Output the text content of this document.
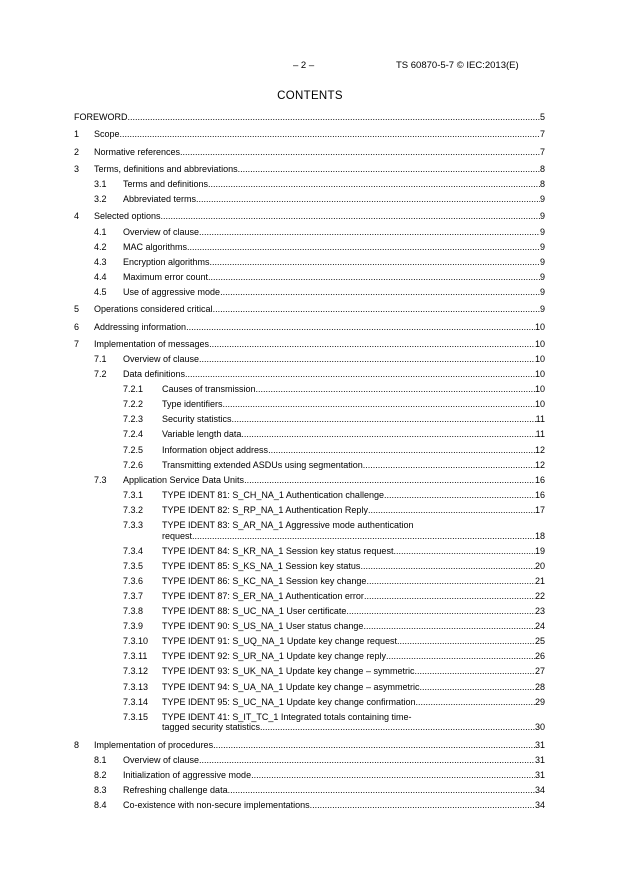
– 2 –	TS 60870-5-7 © IEC:2013(E)
CONTENTS
FOREWORD .....	5
1 Scope .....	7
2 Normative references .....	7
3 Terms, definitions and abbreviations .....	8
3.1 Terms and definitions .....	8
3.2 Abbreviated terms .....	9
4 Selected options .....	9
4.1 Overview of clause .....	9
4.2 MAC algorithms .....	9
4.3 Encryption algorithms .....	9
4.4 Maximum error count .....	9
4.5 Use of aggressive mode .....	9
5 Operations considered critical .....	9
6 Addressing information .....	10
7 Implementation of messages .....	10
7.1 Overview of clause .....	10
7.2 Data definitions .....	10
7.2.1 Causes of transmission .....	10
7.2.2 Type identifiers .....	10
7.2.3 Security statistics .....	11
7.2.4 Variable length data .....	11
7.2.5 Information object address .....	12
7.2.6 Transmitting extended ASDUs using segmentation .....	12
7.3 Application Service Data Units .....	16
7.3.1 TYPE IDENT 81: S_CH_NA_1 Authentication challenge .....	16
7.3.2 TYPE IDENT 82: S_RP_NA_1 Authentication Reply .....	17
7.3.3 TYPE IDENT 83: S_AR_NA_1 Aggressive mode authentication
request .....	18
7.3.4 TYPE IDENT 84: S_KR_NA_1 Session key status request .....	19
7.3.5 TYPE IDENT 85: S_KS_NA_1 Session key status .....	20
7.3.6 TYPE IDENT 86: S_KC_NA_1 Session key change .....	21
7.3.7 TYPE IDENT 87: S_ER_NA_1 Authentication error .....	22
7.3.8 TYPE IDENT 88: S_UC_NA_1 User certificate .....	23
7.3.9 TYPE IDENT 90: S_US_NA_1 User status change .....	24
7.3.10 TYPE IDENT 91: S_UQ_NA_1 Update key change request .....	25
7.3.11 TYPE IDENT 92: S_UR_NA_1 Update key change reply .....	26
7.3.12 TYPE IDENT 93: S_UK_NA_1 Update key change – symmetric .....	27
7.3.13 TYPE IDENT 94: S_UA_NA_1 Update key change – asymmetric .....	28
7.3.14 TYPE IDENT 95: S_UC_NA_1 Update key change confirmation .....	29
7.3.15 TYPE IDENT 41: S_IT_TC_1 Integrated totals containing time-
tagged security statistics .....	30
8 Implementation of procedures .....	31
8.1 Overview of clause .....	31
8.2 Initialization of aggressive mode .....	31
8.3 Refreshing challenge data .....	34
8.4 Co-existence with non-secure implementations .....	34
